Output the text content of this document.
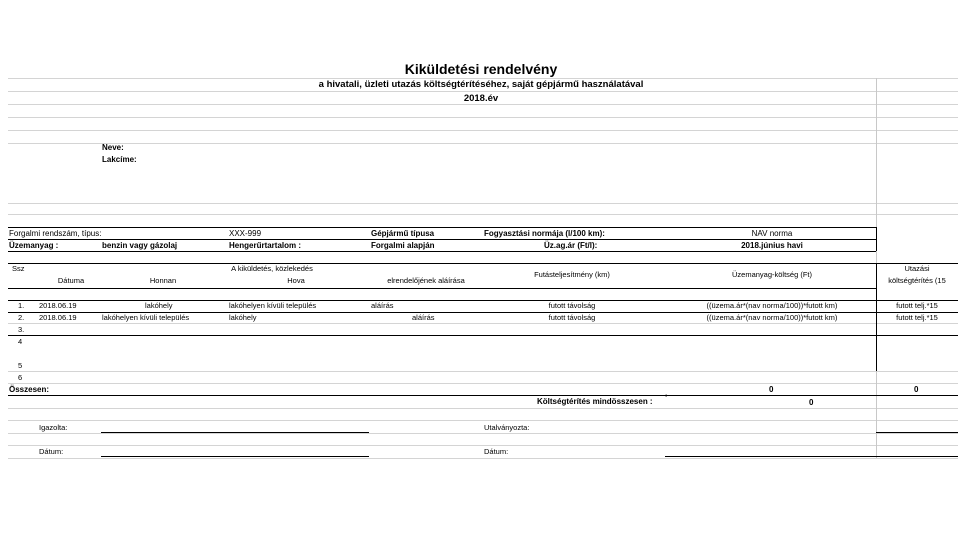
Kiküldetési rendelvény
a hivatali, üzleti utazás költségtérítéséhez, saját gépjármű használatával
2018.év
Neve:
Lakcíme:
Forgalmi rendszám, típus:	XXX-999	Gépjármű típusa	Fogyasztási normája (l/100 km):	NAV norma
Üzemanyag :	benzin vagy gázolaj	Hengerűrtartalom :	Forgalmi alapján	Üz.ag.ár (Ft/l):	2018.június havi
Ssz	A kiküldetés, közlekedés
Dátuma	Honnan	Hova	elrendelőjének aláírása
Futásteljesítmény (km)	Üzemanyag-költség (Ft)
Utazási
költségtérítés (15
1. 2018.06.19	lakóhely	lakóhelyen kívüli település	aláírás	futott távolság	((üzema.ár*(nav norma/100))*futott km)	futott telj.*15
2. 2018.06.19	lakóhelyen kívüli település	lakóhely	aláírás	futott távolság	((üzema.ár*(nav norma/100))*futott km)	futott telj.*15
3.
4
5
6
Összesen:	0	0
Költségtérítés mindösszesen : ˚	0
Igazolta:	Utalványozta:
Dátum:	Dátum:
